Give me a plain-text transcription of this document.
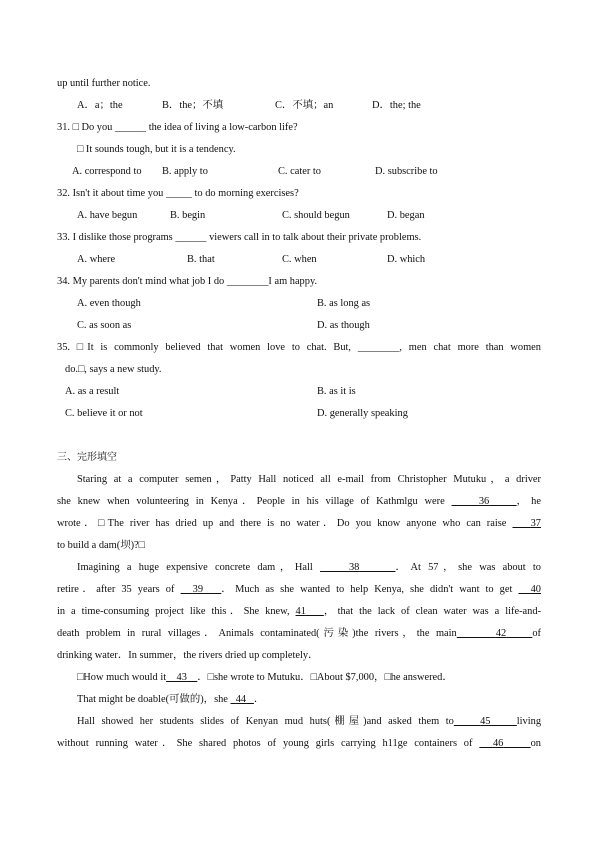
up until further notice.
A．a；the	B．the；不填	C．不填；an	D．the; the
31. □ Do you ______ the idea of living a low-carbon life?
□ It sounds tough, but it is a tendency.
A. correspond to B. apply to	C. cater to	D. subscribe to
32. Isn't it about time you _____ to do morning exercises?
A. have begun	B. begin	C. should begun	D. began
33. I dislike those programs ______ viewers call in to talk about their private problems.
A. where	B. that	C. when	D. which
34. My parents don't mind what job I do ________I am happy.
A. even though	B. as long as
C. as soon as	D. as though
35. □It is commonly believed that women love to chat. But, ________, men chat more than women
do.□, says a new study.
A. as a result	B. as it is
C. believe it or not	D. generally speaking
三、完形填空
Staring at a computer semen，Patty Hall noticed all e-mail from Christopher Mutuku，a driver
she knew when volunteering in Kenya．People in his village of Kathmlgu were	36	，he
wrote．□The river has dried up and there is no water．Do you know anyone who can raise 37
to build a dam(坝)?□
Imagining a huge expensive concrete dam，Hall	38	．At 57，she was about to
retire．after 35 years of 39 ．Much as she wanted to help Kenya, she didn't want to get 40
in a time-consuming project like this．She knew, 41 ，that the lack of clean water was a life-and-
death problem in rural villages．Animals contaminated(污染)the rivers，the main	42	of
drinking water．In summer，the rivers dried up completely．
□How much would it 43 ．□she wrote to Mutuku．□About $7,000，□he answered．
That might be doable(可做的)，she 44 ．
Hall showed her students slides of Kenyan mud huts(棚屋)and asked them to	45	living
without running water．She shared photos of young girls carrying h11ge containers of 46	on
